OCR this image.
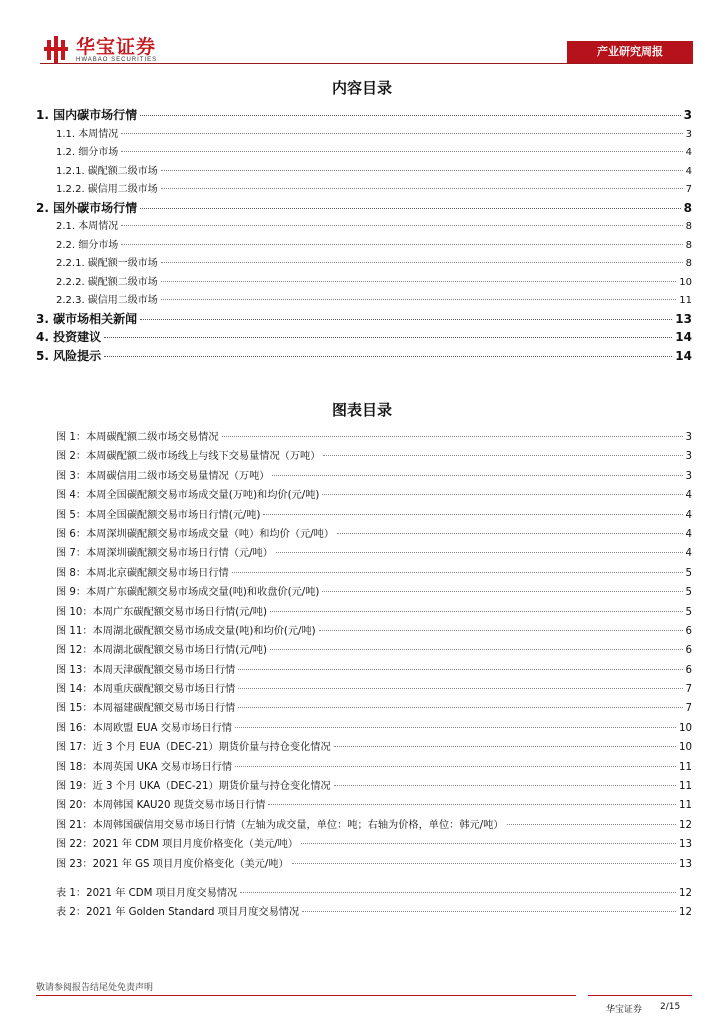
华宝证券
HWABAO SECURITIES
产业研究周报
内容目录
1. 国内碳市场行情	3
1.1. 本周情况	3
1.2. 细分市场	4
1.2.1. 碳配额二级市场	4
1.2.2. 碳信用二级市场	7
2. 国外碳市场行情	8
2.1. 本周情况	8
2.2. 细分市场	8
2.2.1. 碳配额一级市场	8
2.2.2. 碳配额二级市场	10
2.2.3. 碳信用二级市场	11
3. 碳市场相关新闻	13
4. 投资建议	14
5. 风险提示	14
图表目录
图 1：本周碳配额二级市场交易情况	3
图 2：本周碳配额二级市场线上与线下交易量情况（万吨）	3
图 3：本周碳信用二级市场交易量情况（万吨）	3
图 4：本周全国碳配额交易市场成交量(万吨)和均价(元/吨)	4
图 5：本周全国碳配额交易市场日行情(元/吨)	4
图 6：本周深圳碳配额交易市场成交量（吨）和均价（元/吨）	4
图 7：本周深圳碳配额交易市场日行情（元/吨）	4
图 8：本周北京碳配额交易市场日行情	5
图 9：本周广东碳配额交易市场成交量(吨)和收盘价(元/吨)	5
图 10：本周广东碳配额交易市场日行情(元/吨)	5
图 11：本周湖北碳配额交易市场成交量(吨)和均价(元/吨)	6
图 12：本周湖北碳配额交易市场日行情(元/吨)	6
图 13：本周天津碳配额交易市场日行情	6
图 14：本周重庆碳配额交易市场日行情	7
图 15：本周福建碳配额交易市场日行情	7
图 16：本周欧盟 EUA 交易市场日行情	10
图 17：近 3 个月 EUA（DEC-21）期货价量与持仓变化情况	10
图 18：本周英国 UKA 交易市场日行情	11
图 19：近 3 个月 UKA（DEC-21）期货价量与持仓变化情况	11
图 20：本周韩国 KAU20 现货交易市场日行情	11
图 21：本周韩国碳信用交易市场日行情（左轴为成交量，单位：吨；右轴为价格，单位：韩元/吨）	12
图 22：2021 年 CDM 项目月度价格变化（美元/吨）	13
图 23：2021 年 GS 项目月度价格变化（美元/吨）	13
表 1：2021 年 CDM 项目月度交易情况	12
表 2：2021 年 Golden Standard 项目月度交易情况	12
敬请参阅报告结尾处免责声明
华宝证券 2/15
